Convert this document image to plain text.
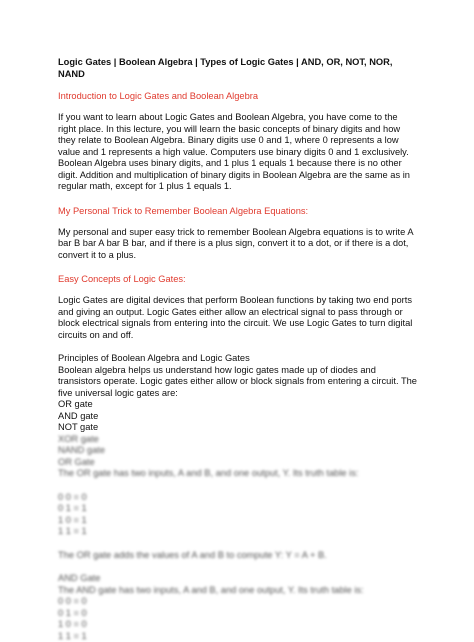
Logic Gates | Boolean Algebra | Types of Logic Gates | AND, OR, NOT, NOR, NAND
Introduction to Logic Gates and Boolean Algebra
If you want to learn about Logic Gates and Boolean Algebra, you have come to the right place. In this lecture, you will learn the basic concepts of binary digits and how they relate to Boolean Algebra. Binary digits use 0 and 1, where 0 represents a low value and 1 represents a high value. Computers use binary digits 0 and 1 exclusively. Boolean Algebra uses binary digits, and 1 plus 1 equals 1 because there is no other digit. Addition and multiplication of binary digits in Boolean Algebra are the same as in regular math, except for 1 plus 1 equals 1.
My Personal Trick to Remember Boolean Algebra Equations:
My personal and super easy trick to remember Boolean Algebra equations is to write A bar B bar A bar B bar, and if there is a plus sign, convert it to a dot, or if there is a dot, convert it to a plus.
Easy Concepts of Logic Gates:
Logic Gates are digital devices that perform Boolean functions by taking two end ports and giving an output. Logic Gates either allow an electrical signal to pass through or block electrical signals from entering into the circuit. We use Logic Gates to turn digital circuits on and off.
Principles of Boolean Algebra and Logic Gates
Boolean algebra helps us understand how logic gates made up of diodes and transistors operate. Logic gates either allow or block signals from entering a circuit. The five universal logic gates are:
OR gate
AND gate
NOT gate
XOR gate
NAND gate
OR Gate
The OR gate has two inputs, A and B, and one output, Y. Its truth table is:
0 0 = 0
0 1 = 1
1 0 = 1
1 1 = 1
The OR gate adds the values of A and B to compute Y: Y = A + B.
AND Gate
The AND gate has two inputs, A and B, and one output, Y. Its truth table is:
0 0 = 0
0 1 = 0
1 0 = 0
1 1 = 1
